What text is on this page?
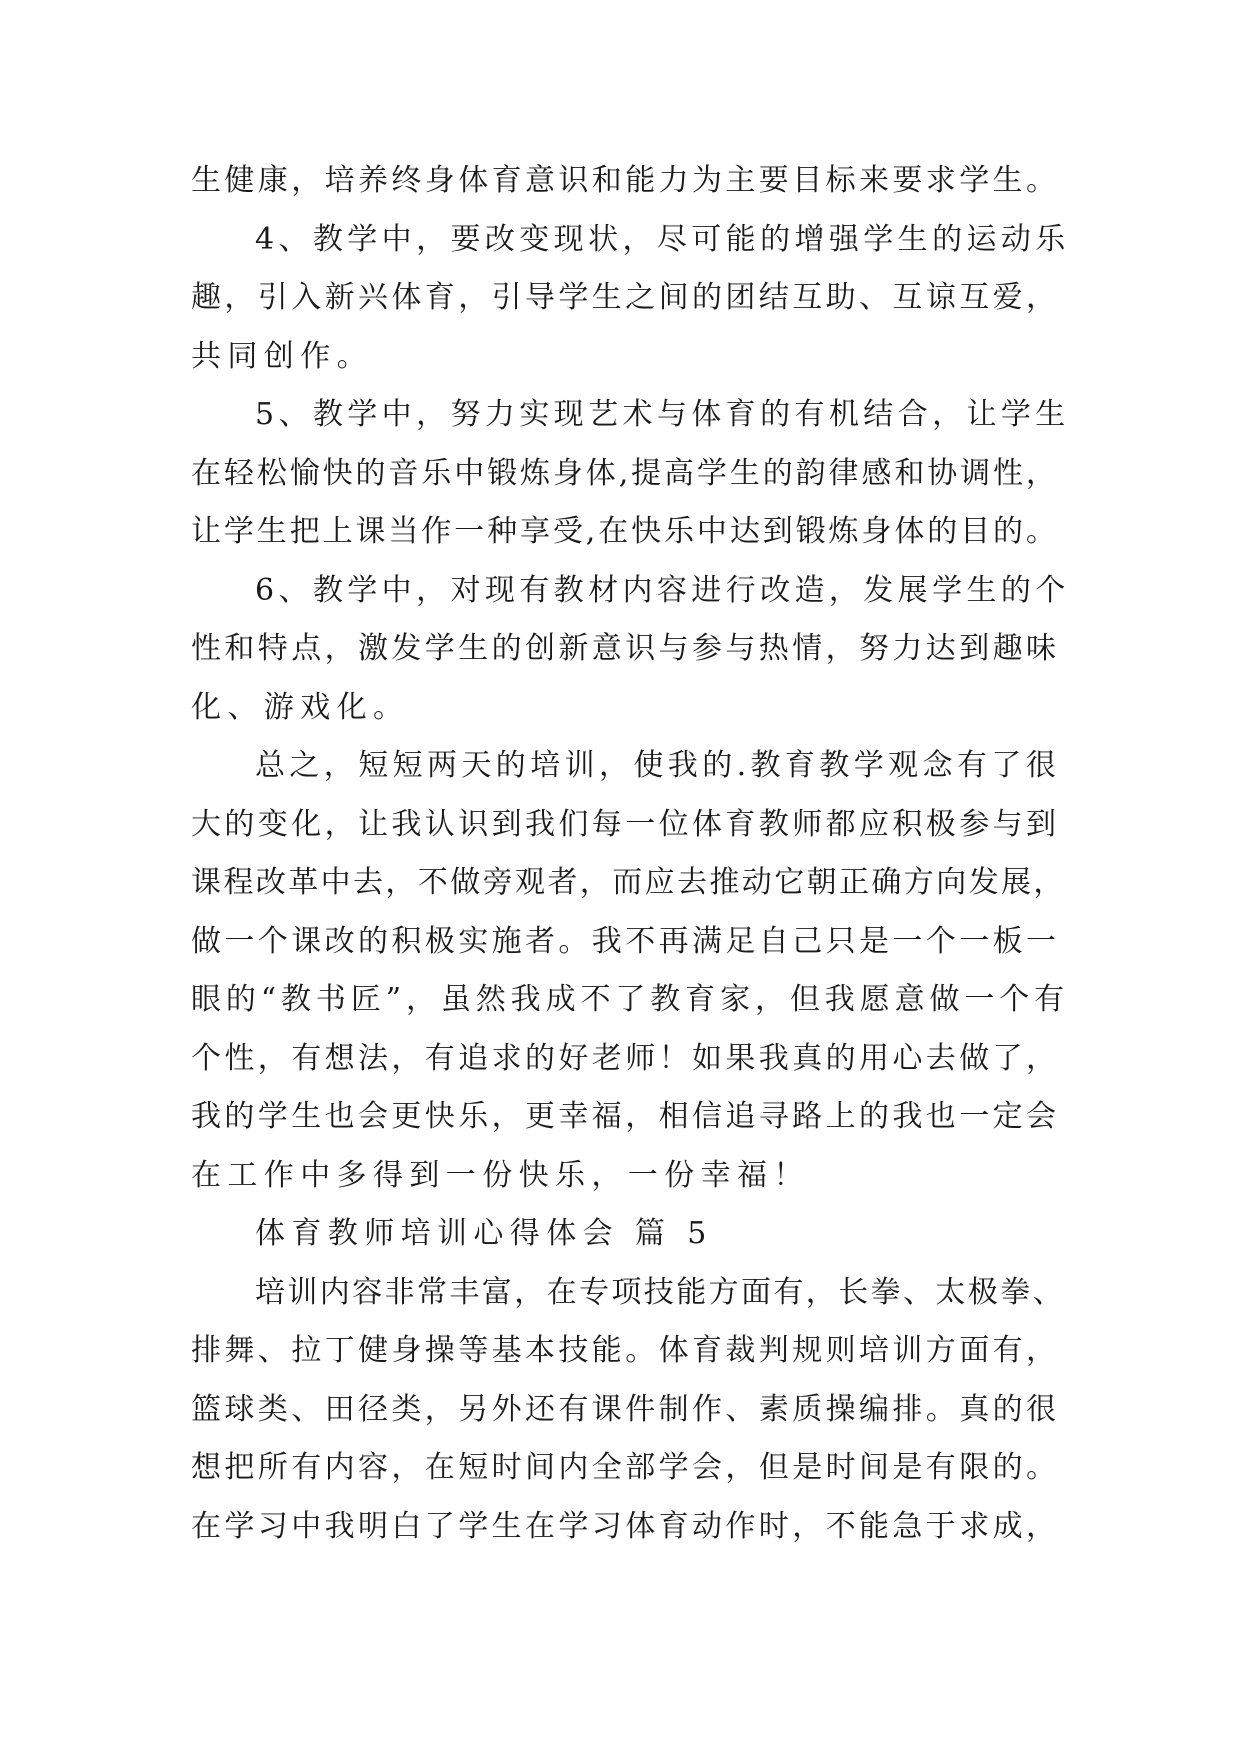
生健康，培养终身体育意识和能力为主要目标来要求学生。
4、教学中，要改变现状，尽可能的增强学生的运动乐
趣，引入新兴体育，引导学生之间的团结互助、互谅互爱，
共同创作。
5、教学中，努力实现艺术与体育的有机结合，让学生
在轻松愉快的音乐中锻炼身体,提高学生的韵律感和协调性，
让学生把上课当作一种享受,在快乐中达到锻炼身体的目的。
6、教学中，对现有教材内容进行改造，发展学生的个
性和特点，激发学生的创新意识与参与热情，努力达到趣味
化、游戏化。
总之，短短两天的培训，使我的.教育教学观念有了很
大的变化，让我认识到我们每一位体育教师都应积极参与到
课程改革中去，不做旁观者，而应去推动它朝正确方向发展，
做一个课改的积极实施者。我不再满足自己只是一个一板一
眼的“教书匠”，虽然我成不了教育家，但我愿意做一个有
个性，有想法，有追求的好老师！如果我真的用心去做了，
我的学生也会更快乐，更幸福，相信追寻路上的我也一定会
在工作中多得到一份快乐，一份幸福！
体育教师培训心得体会 篇 5
培训内容非常丰富，在专项技能方面有，长拳、太极拳、
排舞、拉丁健身操等基本技能。体育裁判规则培训方面有，
篮球类、田径类，另外还有课件制作、素质操编排。真的很
想把所有内容，在短时间内全部学会，但是时间是有限的。
在学习中我明白了学生在学习体育动作时，不能急于求成，
